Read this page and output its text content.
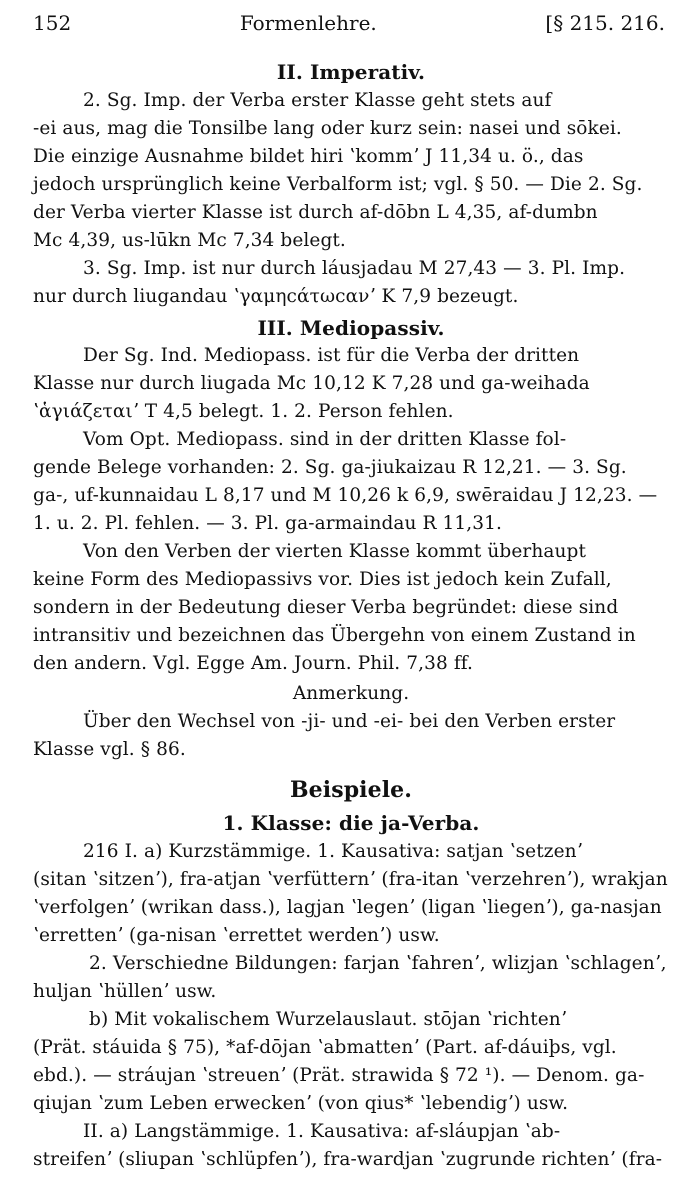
152	Formenlehre.	[§ 215. 216.
II. Imperativ.
2. Sg. Imp. der Verba erster Klasse geht stets auf
-ei aus, mag die Tonsilbe lang oder kurz sein: nasei und sōkei.
Die einzige Ausnahme bildet hiri ʽkommʼ J 11,34 u. ö., das
jedoch ursprünglich keine Verbalform ist; vgl. § 50. — Die 2. Sg.
der Verba vierter Klasse ist durch af-dōbn L 4,35, af-dumbn
Mc 4,39, us-lūkn Mc 7,34 belegt.
3. Sg. Imp. ist nur durch láusjadau M 27,43 — 3. Pl. Imp.
nur durch liugandau ʽγαμηcάτωcανʼ K 7,9 bezeugt.
III. Mediopassiv.
Der Sg. Ind. Mediopass. ist für die Verba der dritten
Klasse nur durch liugada Mc 10,12 K 7,28 und ga-weihada
ʽἁγιάζεταιʼ T 4,5 belegt. 1. 2. Person fehlen.
Vom Opt. Mediopass. sind in der dritten Klasse fol-
gende Belege vorhanden: 2. Sg. ga-jiukaizau R 12,21. — 3. Sg.
ga-, uf-kunnaidau L 8,17 und M 10,26 k 6,9, swēraidau J 12,23. —
1. u. 2. Pl. fehlen. — 3. Pl. ga-armaindau R 11,31.
Von den Verben der vierten Klasse kommt überhaupt
keine Form des Mediopassivs vor. Dies ist jedoch kein Zufall,
sondern in der Bedeutung dieser Verba begründet: diese sind
intransitiv und bezeichnen das Übergehn von einem Zustand in
den andern. Vgl. Egge Am. Journ. Phil. 7,38 ff.
Anmerkung.
Über den Wechsel von -ji- und -ei- bei den Verben erster
Klasse vgl. § 86.
Beispiele.
1. Klasse: die ja-Verba.
216 I. a) Kurzstämmige. 1. Kausativa: satjan ʽsetzenʼ
(sitan ʽsitzenʼ), fra-atjan ʽverfütternʼ (fra-itan ʽverzehrenʼ), wrakjan
ʽverfolgenʼ (wrikan dass.), lagjan ʽlegenʼ (ligan ʽliegenʼ), ga-nasjan
ʽerrettenʼ (ga-nisan ʽerrettet werdenʼ) usw.
2. Verschiedne Bildungen: farjan ʽfahrenʼ, wlizjan ʽschlagenʼ,
huljan ʽhüllenʼ usw.
b) Mit vokalischem Wurzelauslaut. stōjan ʽrichtenʼ
(Prät. stáuida § 75), *af-dōjan ʽabmattenʼ (Part. af-dáuiþs, vgl.
ebd.). — stráujan ʽstreuenʼ (Prät. strawida § 72 ¹). — Denom. ga-
qiujan ʽzum Leben erweckenʼ (von qius* ʽlebendigʼ) usw.
II. a) Langstämmige. 1. Kausativa: af-sláupjan ʽab-
streifenʼ (sliupan ʽschlüpfenʼ), fra-wardjan ʽzugrunde richtenʼ (fra-
